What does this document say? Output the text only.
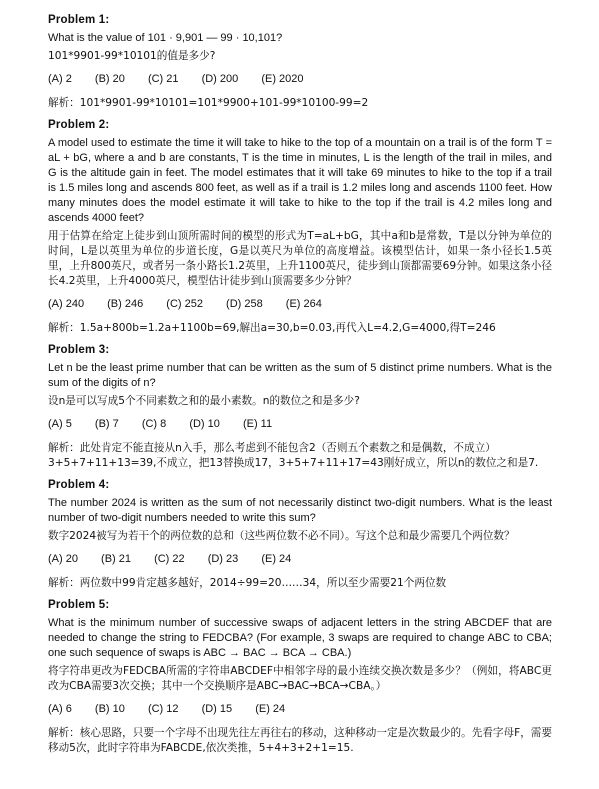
Problem 1:

What is the value of 101 · 9,901 — 99 · 10,101?

101*9901-99*10101的值是多少?

(A) 2 (B) 20 (C) 21 (D) 200 (E) 2020

解析：101*9901-99*10101=101*9900+101-99*10100-99=2

Problem 2:

A model used to estimate the time it will take to hike to the top of a mountain on a trail is of the form T = aL + bG, where a and b are constants, T is the time in minutes, L is the length of the trail in miles, and G is the altitude gain in feet. The model estimates that it will take 69 minutes to hike to the top if a trail is 1.5 miles long and ascends 800 feet, as well as if a trail is 1.2 miles long and ascends 1100 feet. How many minutes does the model estimate it will take to hike to the top if the trail is 4.2 miles long and ascends 4000 feet?

用于估算在给定上徒步到山顶所需时间的模型的形式为T=aL+bG，其中a和b是常数，T是以分钟为单位的时间，L是以英里为单位的步道长度，G是以英尺为单位的高度增益。该模型估计，如果一条小径长1.5英里，上升800英尺，或者另一条小路长1.2英里，上升1100英尺，徒步到山顶都需要69分钟。如果这条小径长4.2英里，上升4000英尺，模型估计徒步到山顶需要多少分钟？

(A) 240 (B) 246 (C) 252 (D) 258 (E) 264

解析：1.5a+800b=1.2a+1100b=69,解出a=30,b=0.03,再代入L=4.2,G=4000,得T=246

Problem 3:

Let n be the least prime number that can be written as the sum of 5 distinct prime numbers. What is the sum of the digits of n?

设n是可以写成5个不同素数之和的最小素数。n的数位之和是多少?

(A) 5 (B) 7 (C) 8 (D) 10 (E) 11

解析：此处肯定不能直接从n入手，那么考虑到不能包含2（否则五个素数之和是偶数，不成立）3+5+7+11+13=39,不成立，把13替换成17，3+5+7+11+17=43刚好成立，所以n的数位之和是7.

Problem 4:

The number 2024 is written as the sum of not necessarily distinct two-digit numbers. What is the least number of two-digit numbers needed to write this sum?

数字2024被写为若干个的两位数的总和（这些两位数不必不同）。写这个总和最少需要几个两位数？

(A) 20 (B) 21 (C) 22 (D) 23 (E) 24

解析：两位数中99肯定越多越好，2014÷99=20……34，所以至少需要21个两位数

Problem 5:

What is the minimum number of successive swaps of adjacent letters in the string ABCDEF that are needed to change the string to FEDCBA? (For example, 3 swaps are required to change ABC to CBA; one such sequence of swaps is ABC → BAC → BCA → CBA.)

将字符串更改为FEDCBA所需的字符串ABCDEF中相邻字母的最小连续交换次数是多少？（例如，将ABC更改为CBA需要3次交换；其中一个交换顺序是ABC→BAC→BCA→CBA。）

(A) 6 (B) 10 (C) 12 (D) 15 (E) 24

解析：核心思路，只要一个字母不出现先往左再往右的移动，这种移动一定是次数最少的。先看字母F，需要移动5次，此时字符串为FABCDE,依次类推，5+4+3+2+1=15.
